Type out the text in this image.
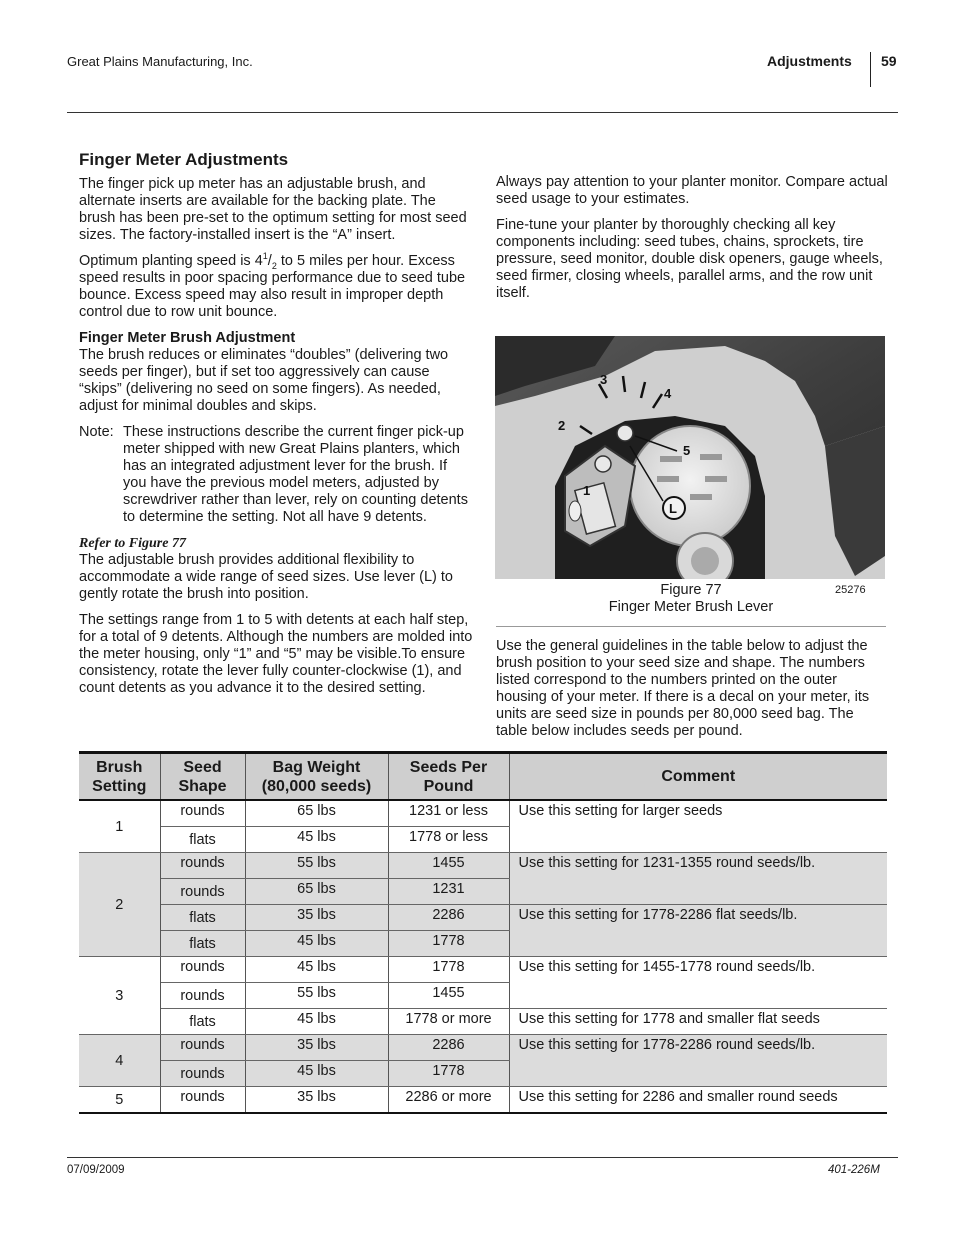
Great Plains Manufacturing, Inc.	Adjustments 59
Finger Meter Adjustments

The finger pick up meter has an adjustable brush, and alternate inserts are available for the backing plate. The brush has been pre-set to the optimum setting for most seed sizes. The factory-installed insert is the “A” insert.

Optimum planting speed is $4^1/_2$ to 5 miles per hour. Excess speed results in poor spacing performance due to seed tube bounce. Excess speed may also result in improper depth control due to row unit bounce.

Finger Meter Brush Adjustment

The brush reduces or eliminates “doubles” (delivering two seeds per finger), but if set too aggressively can cause “skips” (delivering no seed on some fingers). As needed, adjust for minimal doubles and skips.

Note: These instructions describe the current finger pick-up meter shipped with new Great Plains planters, which has an integrated adjustment lever for the brush. If you have the previous model meters, adjusted by screwdriver rather than lever, rely on counting detents to determine the setting. Not all have 9 detents.
Refer to Figure 77

The adjustable brush provides additional flexibility to accommodate a wide range of seed sizes. Use lever (L) to gently rotate the brush into position.

The settings range from 1 to 5 with detents at each half step, for a total of 9 detents. Although the numbers are molded into the meter housing, only “1” and “5” may be visible.To ensure consistency, rotate the lever fully counter-clockwise (1), and count detents as you advance it to the desired setting.

Always pay attention to your planter monitor. Compare actual seed usage to your estimates.

Fine-tune your planter by thoroughly checking all key components including: seed tubes, chains, sprockets, tire pressure, seed monitor, double disk openers, gauge wheels, seed firmer, closing wheels, parallel arms, and the row unit itself.

2
1
3
4
5
L
Figure 77
Finger Meter Brush Lever
25276

Use the general guidelines in the table below to adjust the brush position to your seed size and shape. The numbers listed correspond to the numbers printed on the outer housing of your meter. If there is a decal on your meter, its units are seed size in pounds per 80,000 seed bag. The table below includes seeds per pound.

Brush Setting	Seed Shape	Bag Weight (80,000 seeds)	Seeds Per Pound	Comment
1	rounds	65 lbs	1231 or less	Use this setting for larger seeds
	flats	45 lbs	1778 or less	
2	rounds	55 lbs	1455	Use this setting for 1231-1355 round seeds/lb.
	rounds	65 lbs	1231	
	flats	35 lbs	2286	Use this setting for 1778-2286 flat seeds/lb.
	flats	45 lbs	1778	
3	rounds	45 lbs	1778	Use this setting for 1455-1778 round seeds/lb.
	rounds	55 lbs	1455	
	flats	45 lbs	1778 or more	Use this setting for 1778 and smaller flat seeds
4	rounds	35 lbs	2286	Use this setting for 1778-2286 round seeds/lb.
	rounds	45 lbs	1778	
5	rounds	35 lbs	2286 or more	Use this setting for 2286 and smaller round seeds
07/09/2009	401-226M
